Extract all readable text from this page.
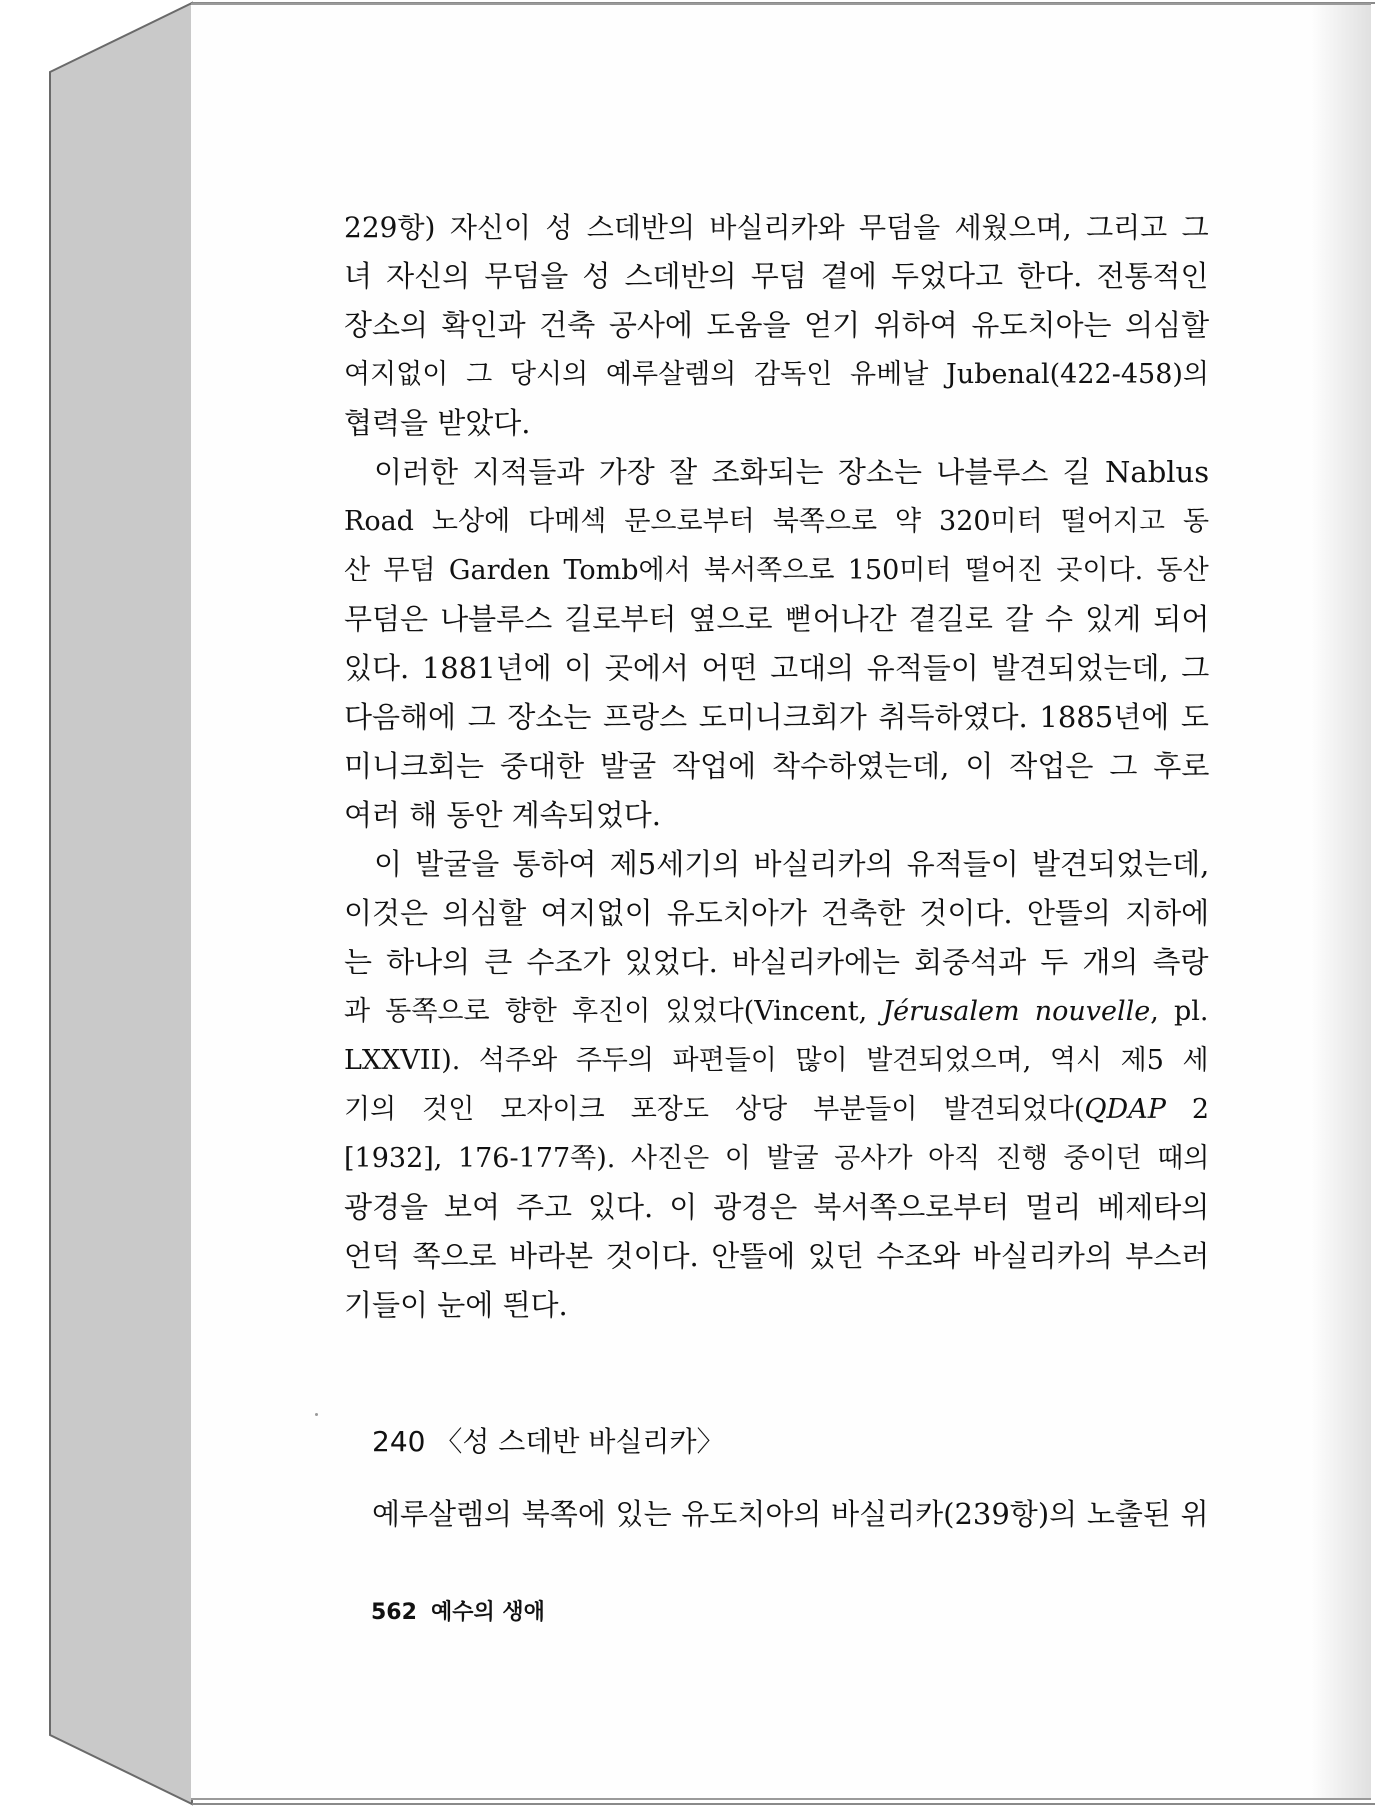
229항) 자신이 성 스데반의 바실리카와 무덤을 세웠으며, 그리고 그
녀 자신의 무덤을 성 스데반의 무덤 곁에 두었다고 한다. 전통적인
장소의 확인과 건축 공사에 도움을 얻기 위하여 유도치아는 의심할
여지없이 그 당시의 예루살렘의 감독인 유베날 Jubenal(422-458)의
협력을 받았다.
이러한 지적들과 가장 잘 조화되는 장소는 나블루스 길 Nablus
Road 노상에 다메섹 문으로부터 북쪽으로 약 320미터 떨어지고 동
산 무덤 Garden Tomb에서 북서쪽으로 150미터 떨어진 곳이다. 동산
무덤은 나블루스 길로부터 옆으로 뻗어나간 곁길로 갈 수 있게 되어
있다. 1881년에 이 곳에서 어떤 고대의 유적들이 발견되었는데, 그
다음해에 그 장소는 프랑스 도미니크회가 취득하였다. 1885년에 도
미니크회는 중대한 발굴 작업에 착수하였는데, 이 작업은 그 후로
여러 해 동안 계속되었다.
이 발굴을 통하여 제5세기의 바실리카의 유적들이 발견되었는데,
이것은 의심할 여지없이 유도치아가 건축한 것이다. 안뜰의 지하에
는 하나의 큰 수조가 있었다. 바실리카에는 회중석과 두 개의 측랑
과 동쪽으로 향한 후진이 있었다(Vincent, Jérusalem nouvelle, pl.
LXXVII). 석주와 주두의 파편들이 많이 발견되었으며, 역시 제5 세
기의 것인 모자이크 포장도 상당 부분들이 발견되었다(QDAP 2
[1932], 176-177쪽). 사진은 이 발굴 공사가 아직 진행 중이던 때의
광경을 보여 주고 있다. 이 광경은 북서쪽으로부터 멀리 베제타의
언덕 쪽으로 바라본 것이다. 안뜰에 있던 수조와 바실리카의 부스러
기들이 눈에 띈다.
240 〈성 스데반 바실리카〉
예루살렘의 북쪽에 있는 유도치아의 바실리카(239항)의 노출된 위
562 예수의 생애
